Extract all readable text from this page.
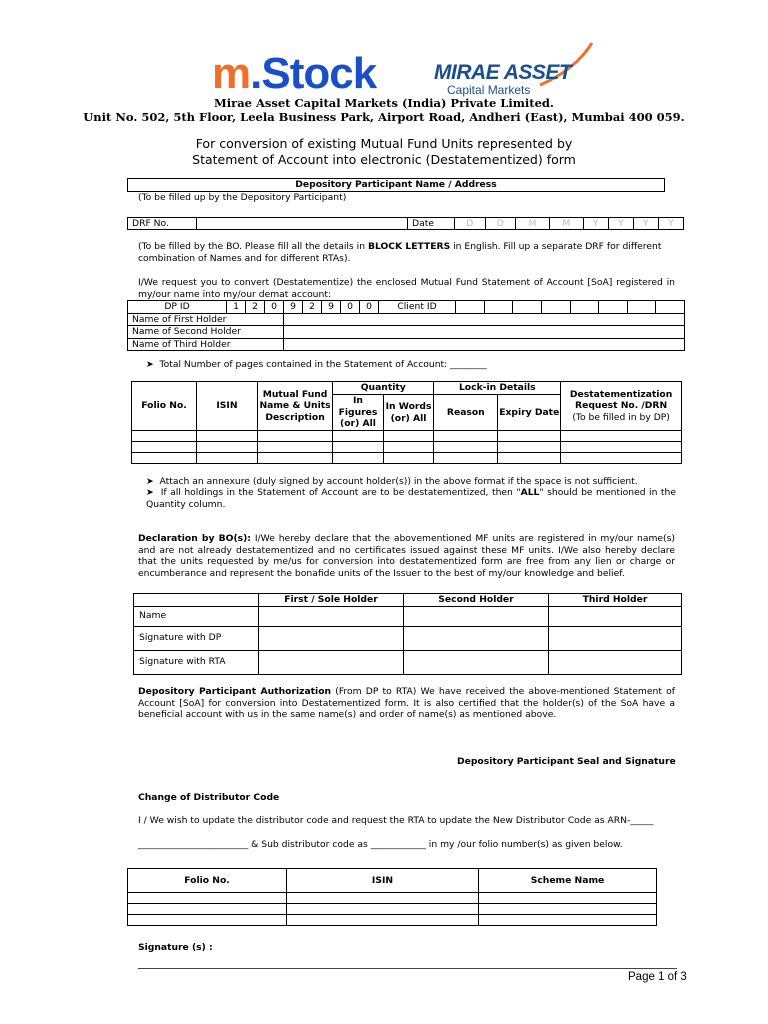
m.Stock	MIRAE ASSET
Capital Markets
Mirae Asset Capital Markets (India) Private Limited.
Unit No. 502, 5th Floor, Leela Business Park, Airport Road, Andheri (East), Mumbai 400 059.
For conversion of existing Mutual Fund Units represented by
Statement of Account into electronic (Destatementized) form
Depository Participant Name / Address
(To be filled up by the Depository Participant)
DRF No.		Date	D	D	M	M	Y	Y	Y	Y
(To be filled by the BO. Please fill all the details in BLOCK LETTERS in English. Fill up a separate DRF for different combination of Names and for different RTAs).
I/We request you to convert (Destatementize) the enclosed Mutual Fund Statement of Account [SoA] registered in my/our name into my/our demat account:
DP ID	1	2	0	9	2	9	0	0	Client ID								
Name of First Holder																	
Name of Second Holder																	
Name of Third Holder																	
➤ Total Number of pages contained in the Statement of Account: ________
Folio No.	ISIN	Mutual Fund Name & Units Description	Quantity		Lock-in Details		Destatementization Request No. /DRN
(To be filled in by DP)
			In Figures (or) All	In Words (or) All	Reason	Expiry Date	

➤ Attach an annexure (duly signed by account holder(s)) in the above format if the space is not sufficient.
➤ If all holdings in the Statement of Account are to be destatementized, then "ALL" should be mentioned in the Quantity column.
Declaration by BO(s): I/We hereby declare that the abovementioned MF units are registered in my/our name(s) and are not already destatementized and no certificates issued against these MF units. I/We also hereby declare that the units requested by me/us for conversion into destatementized form are free from any lien or charge or encumberance and represent the bonafide units of the Issuer to the best of my/our knowledge and belief.
	First / Sole Holder	Second Holder	Third Holder
Name			
Signature with DP			
Signature with RTA			
Depository Participant Authorization (From DP to RTA) We have received the above-mentioned Statement of Account [SoA] for conversion into Destatementized form. It is also certified that the holder(s) of the SoA have a beneficial account with us in the same name(s) and order of name(s) as mentioned above.
Depository Participant Seal and Signature
Change of Distributor Code
I / We wish to update the distributor code and request the RTA to update the New Distributor Code as ARN-_____
________________________ & Sub distributor code as ____________ in my /our folio number(s) as given below.
Folio No.	ISIN	Scheme Name

Signature (s) :
Page 1 of 3
